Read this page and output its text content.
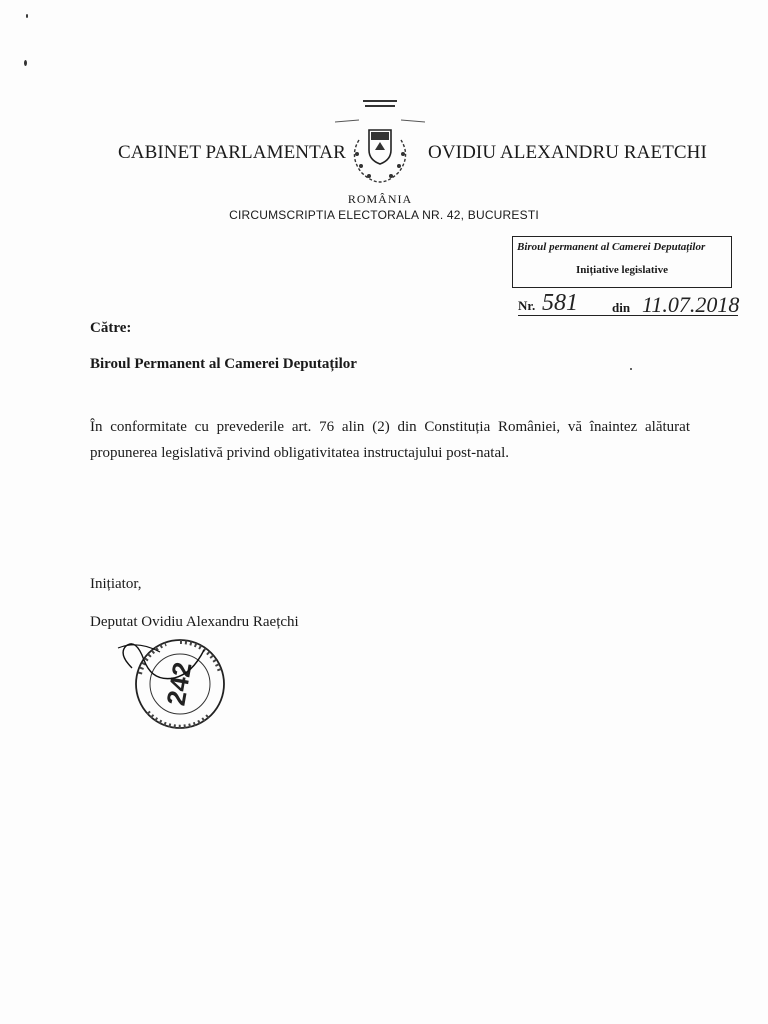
CABINET PARLAMENTAR	OVIDIU ALEXANDRU RAETCHI
ROMÂNIA
CIRCUMSCRIPTIA ELECTORALA NR. 42, BUCURESTI
Biroul permanent al Camerei Deputaților
Inițiative legislative
Nr. 581	din 11.07.2018
Către:
Biroul Permanent al Camerei Deputaților
În conformitate cu prevederile art. 76 alin (2) din Constituția României, vă înaintez alăturat propunerea legislativă privind obligativitatea instructajului post-natal.
Inițiator,
Deputat Ovidiu Alexandru Raețchi
242
